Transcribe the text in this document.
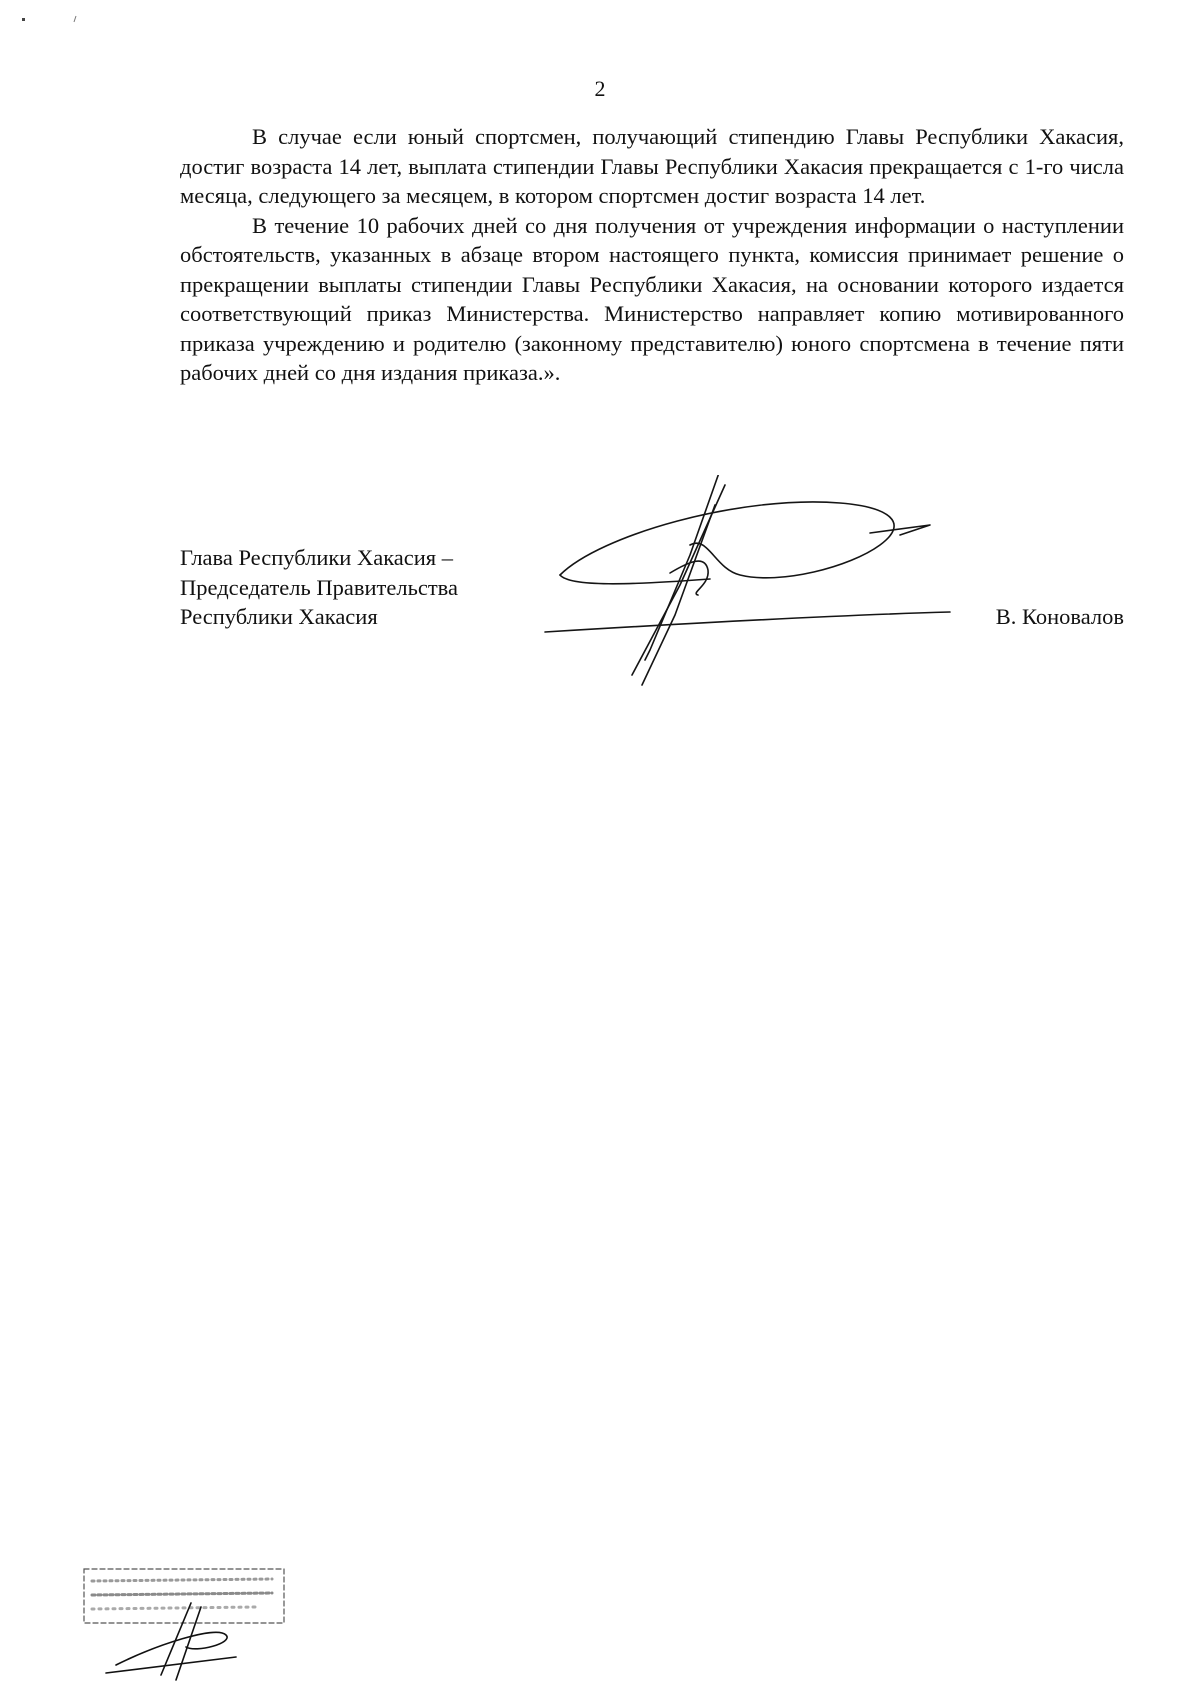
2

В случае если юный спортсмен, получающий стипендию Главы Республики Хакасия, достиг возраста 14 лет, выплата стипендии Главы Республики Хакасия прекращается с 1-го числа месяца, следующего за месяцем, в котором спортсмен достиг возраста 14 лет.

В течение 10 рабочих дней со дня получения от учреждения информации о наступлении обстоятельств, указанных в абзаце втором настоящего пункта, комиссия принимает решение о прекращении выплаты стипендии Главы Республики Хакасия, на основании которого издается соответствующий приказ Министерства. Министерство направляет копию мотивированного приказа учреждению и родителю (законному представителю) юного спортсмена в течение пяти рабочих дней со дня издания приказа.».

Глава Республики Хакасия –
Председатель Правительства
Республики Хакасия	В. Коновалов
